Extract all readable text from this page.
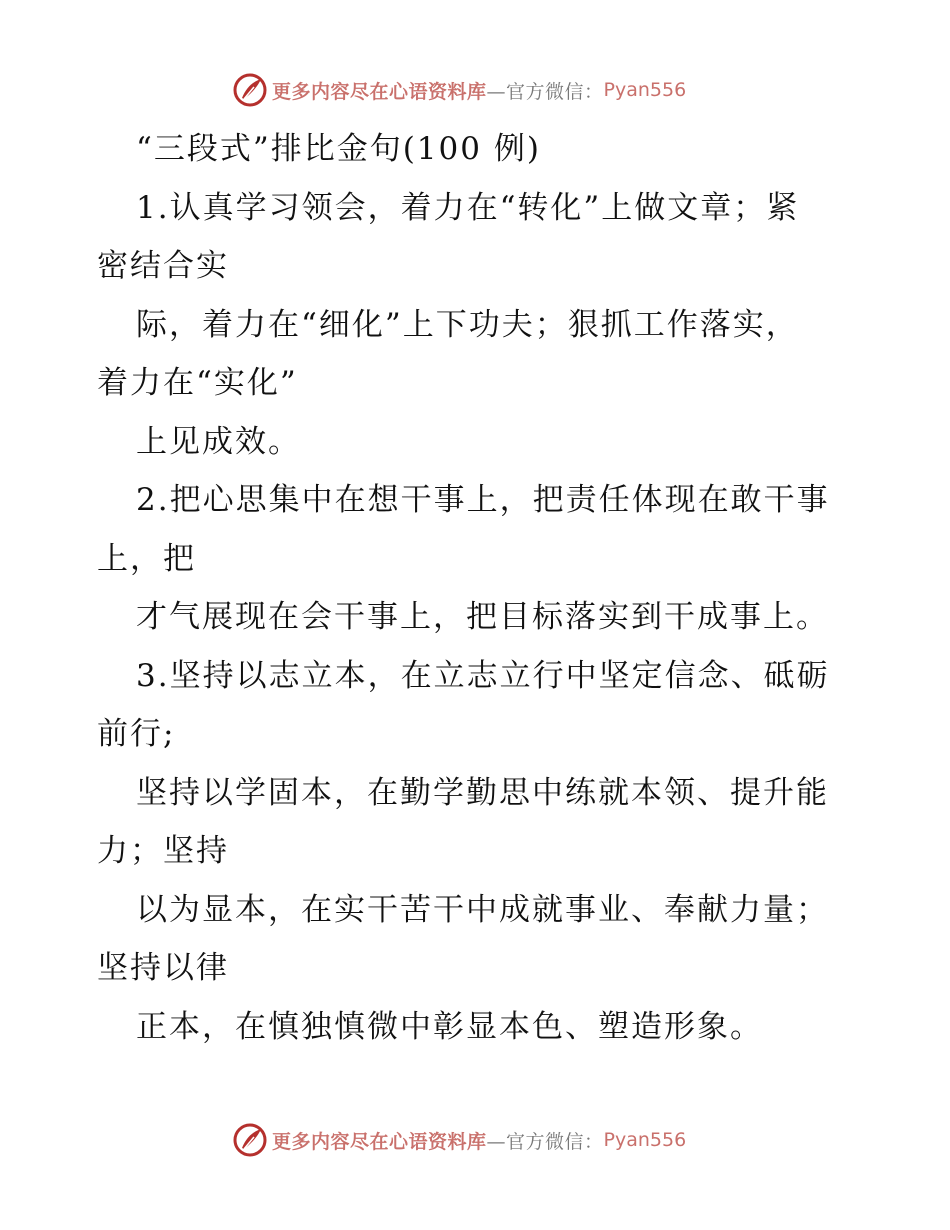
更多内容尽在心语资料库 —官方微信： Pyan556
“三段式”排比金句(100 例)
1.认真学习领会，着力在“转化”上做文章；紧
密结合实
际，着力在“细化”上下功夫；狠抓工作落实，
着力在“实化”
上见成效。
2.把心思集中在想干事上，把责任体现在敢干事
上，把
才气展现在会干事上，把目标落实到干成事上。
3.坚持以志立本，在立志立行中坚定信念、砥砺
前行;
坚持以学固本，在勤学勤思中练就本领、提升能
力；坚持
以为显本，在实干苦干中成就事业、奉献力量；
坚持以律
正本，在慎独慎微中彰显本色、塑造形象。
更多内容尽在心语资料库 —官方微信： Pyan556
